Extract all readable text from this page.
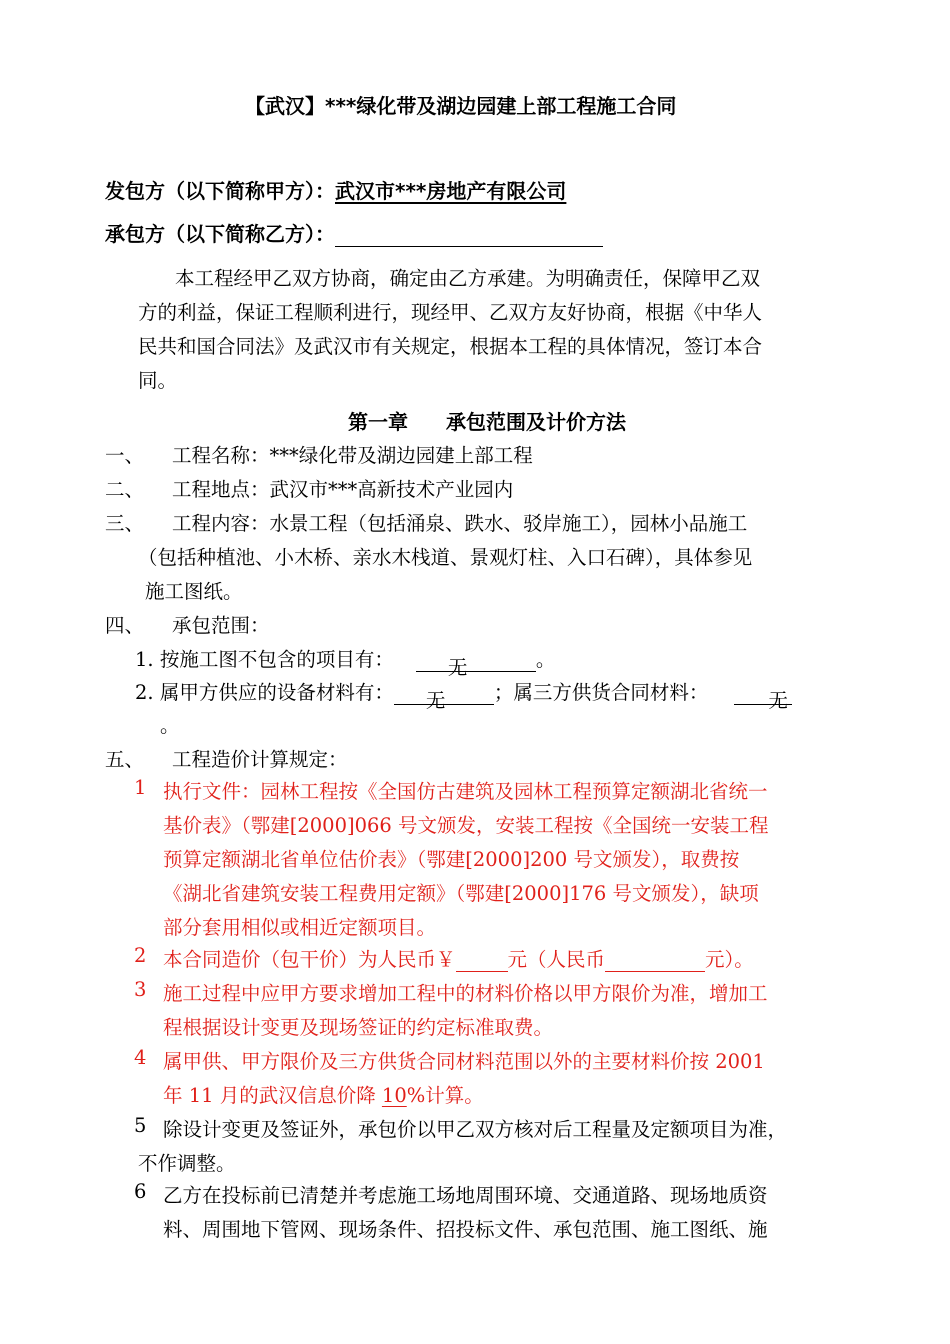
【武汉】***绿化带及湖边园建上部工程施工合同
发包方（以下简称甲方）：武汉市***房地产有限公司
承包方（以下简称乙方）：
本工程经甲乙双方协商，确定由乙方承建。为明确责任，保障甲乙双
方的利益，保证工程顺利进行，现经甲、乙双方友好协商，根据《中华人
民共和国合同法》及武汉市有关规定，根据本工程的具体情况，签订本合
同。
第一章 承包范围及计价方法
一、 工程名称：***绿化带及湖边园建上部工程
二、 工程地点：武汉市***高新技术产业园内
三、 工程内容：水景工程（包括涌泉、跌水、驳岸施工），园林小品施工
（包括种植池、小木桥、亲水木栈道、景观灯柱、入口石碑），具体参见
施工图纸。
四、 承包范围：
1. 按施工图不包含的项目有：	无	。
2. 属甲方供应的设备材料有： 无 ；属三方供货合同材料：	无
。
五、 工程造价计算规定：
1 执行文件：园林工程按《全国仿古建筑及园林工程预算定额湖北省统一
基价表》（鄂建[2000]066 号文颁发，安装工程按《全国统一安装工程
预算定额湖北省单位估价表》（鄂建[2000]200 号文颁发），取费按
《湖北省建筑安装工程费用定额》（鄂建[2000]176 号文颁发），缺项
部分套用相似或相近定额项目。
2 本合同造价（包干价）为人民币￥	元（人民币	元）。
3 施工过程中应甲方要求增加工程中的材料价格以甲方限价为准，增加工
程根据设计变更及现场签证的约定标准取费。
4 属甲供、甲方限价及三方供货合同材料范围以外的主要材料价按 2001
年 11 月的武汉信息价降 10%计算。
5 除设计变更及签证外，承包价以甲乙双方核对后工程量及定额项目为准，
不作调整。
6 乙方在投标前已清楚并考虑施工场地周围环境、交通道路、现场地质资
料、周围地下管网、现场条件、招投标文件、承包范围、施工图纸、施
